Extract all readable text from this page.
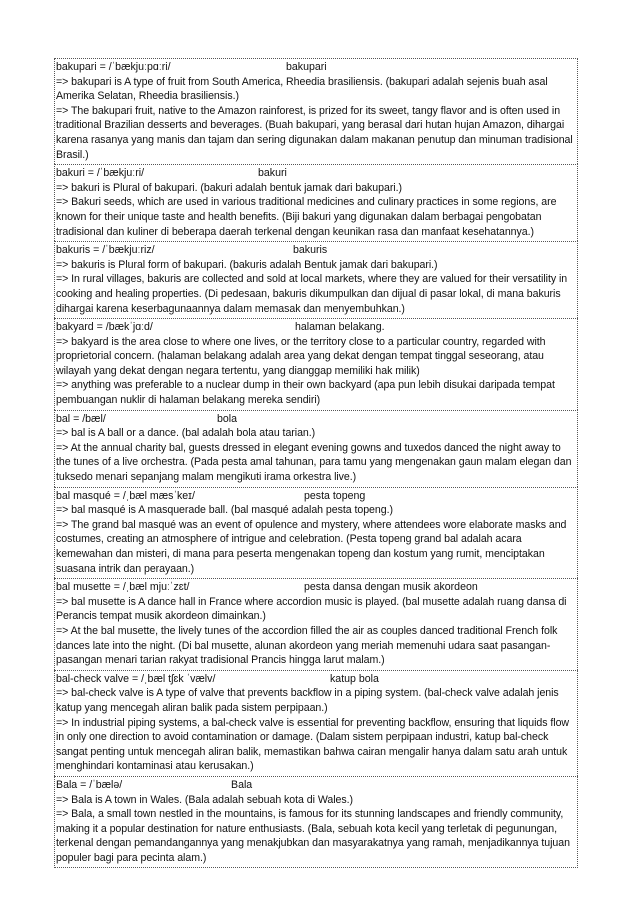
bakupari = /ˈbækjuːpɑːri/	bakupari

=> bakupari is A type of fruit from South America, Rheedia brasiliensis. (bakupari adalah sejenis buah asal Amerika Selatan, Rheedia brasiliensis.)

=> The bakupari fruit, native to the Amazon rainforest, is prized for its sweet, tangy flavor and is often used in traditional Brazilian desserts and beverages. (Buah bakupari, yang berasal dari hutan hujan Amazon, dihargai karena rasanya yang manis dan tajam dan sering digunakan dalam makanan penutup dan minuman tradisional Brasil.)

bakuri = /ˈbækjuːri/	bakuri

=> bakuri is Plural of bakupari. (bakuri adalah bentuk jamak dari bakupari.)

=> Bakuri seeds, which are used in various traditional medicines and culinary practices in some regions, are known for their unique taste and health benefits. (Biji bakuri yang digunakan dalam berbagai pengobatan tradisional dan kuliner di beberapa daerah terkenal dengan keunikan rasa dan manfaat kesehatannya.)

bakuris = /ˈbækjuːriz/	bakuris

=> bakuris is Plural form of bakupari. (bakuris adalah Bentuk jamak dari bakupari.)

=> In rural villages, bakuris are collected and sold at local markets, where they are valued for their versatility in cooking and healing properties. (Di pedesaan, bakuris dikumpulkan dan dijual di pasar lokal, di mana bakuris dihargai karena keserbagunaannya dalam memasak dan menyembuhkan.)

bakyard = /bækˈjɑːd/	halaman belakang.

=> bakyard is the area close to where one lives, or the territory close to a particular country, regarded with proprietorial concern. (halaman belakang adalah area yang dekat dengan tempat tinggal seseorang, atau wilayah yang dekat dengan negara tertentu, yang dianggap memiliki hak milik)

=> anything was preferable to a nuclear dump in their own backyard (apa pun lebih disukai daripada tempat pembuangan nuklir di halaman belakang mereka sendiri)

bal = /bæl/	bola

=> bal is A ball or a dance. (bal adalah bola atau tarian.)

=> At the annual charity bal, guests dressed in elegant evening gowns and tuxedos danced the night away to the tunes of a live orchestra. (Pada pesta amal tahunan, para tamu yang mengenakan gaun malam elegan dan tuksedo menari sepanjang malam mengikuti irama orkestra live.)

bal masqué = /ˌbæl mæsˈkeɪ/	pesta topeng

=> bal masqué is A masquerade ball. (bal masqué adalah pesta topeng.)

=> The grand bal masqué was an event of opulence and mystery, where attendees wore elaborate masks and costumes, creating an atmosphere of intrigue and celebration. (Pesta topeng grand bal adalah acara kemewahan dan misteri, di mana para peserta mengenakan topeng dan kostum yang rumit, menciptakan suasana intrik dan perayaan.)

bal musette = /ˌbæl mjuːˈzɛt/	pesta dansa dengan musik akordeon

=> bal musette is A dance hall in France where accordion music is played. (bal musette adalah ruang dansa di Perancis tempat musik akordeon dimainkan.)

=> At the bal musette, the lively tunes of the accordion filled the air as couples danced traditional French folk dances late into the night. (Di bal musette, alunan akordeon yang meriah memenuhi udara saat pasangan-pasangan menari tarian rakyat tradisional Prancis hingga larut malam.)

bal-check valve = /ˌbæl tʃɛk ˈvælv/	katup bola

=> bal-check valve is A type of valve that prevents backflow in a piping system. (bal-check valve adalah jenis katup yang mencegah aliran balik pada sistem perpipaan.)

=> In industrial piping systems, a bal-check valve is essential for preventing backflow, ensuring that liquids flow in only one direction to avoid contamination or damage. (Dalam sistem perpipaan industri, katup bal-check sangat penting untuk mencegah aliran balik, memastikan bahwa cairan mengalir hanya dalam satu arah untuk menghindari kontaminasi atau kerusakan.)

Bala = /ˈbælə/	Bala

=> Bala is A town in Wales. (Bala adalah sebuah kota di Wales.)

=> Bala, a small town nestled in the mountains, is famous for its stunning landscapes and friendly community, making it a popular destination for nature enthusiasts. (Bala, sebuah kota kecil yang terletak di pegunungan, terkenal dengan pemandangannya yang menakjubkan dan masyarakatnya yang ramah, menjadikannya tujuan populer bagi para pecinta alam.)
